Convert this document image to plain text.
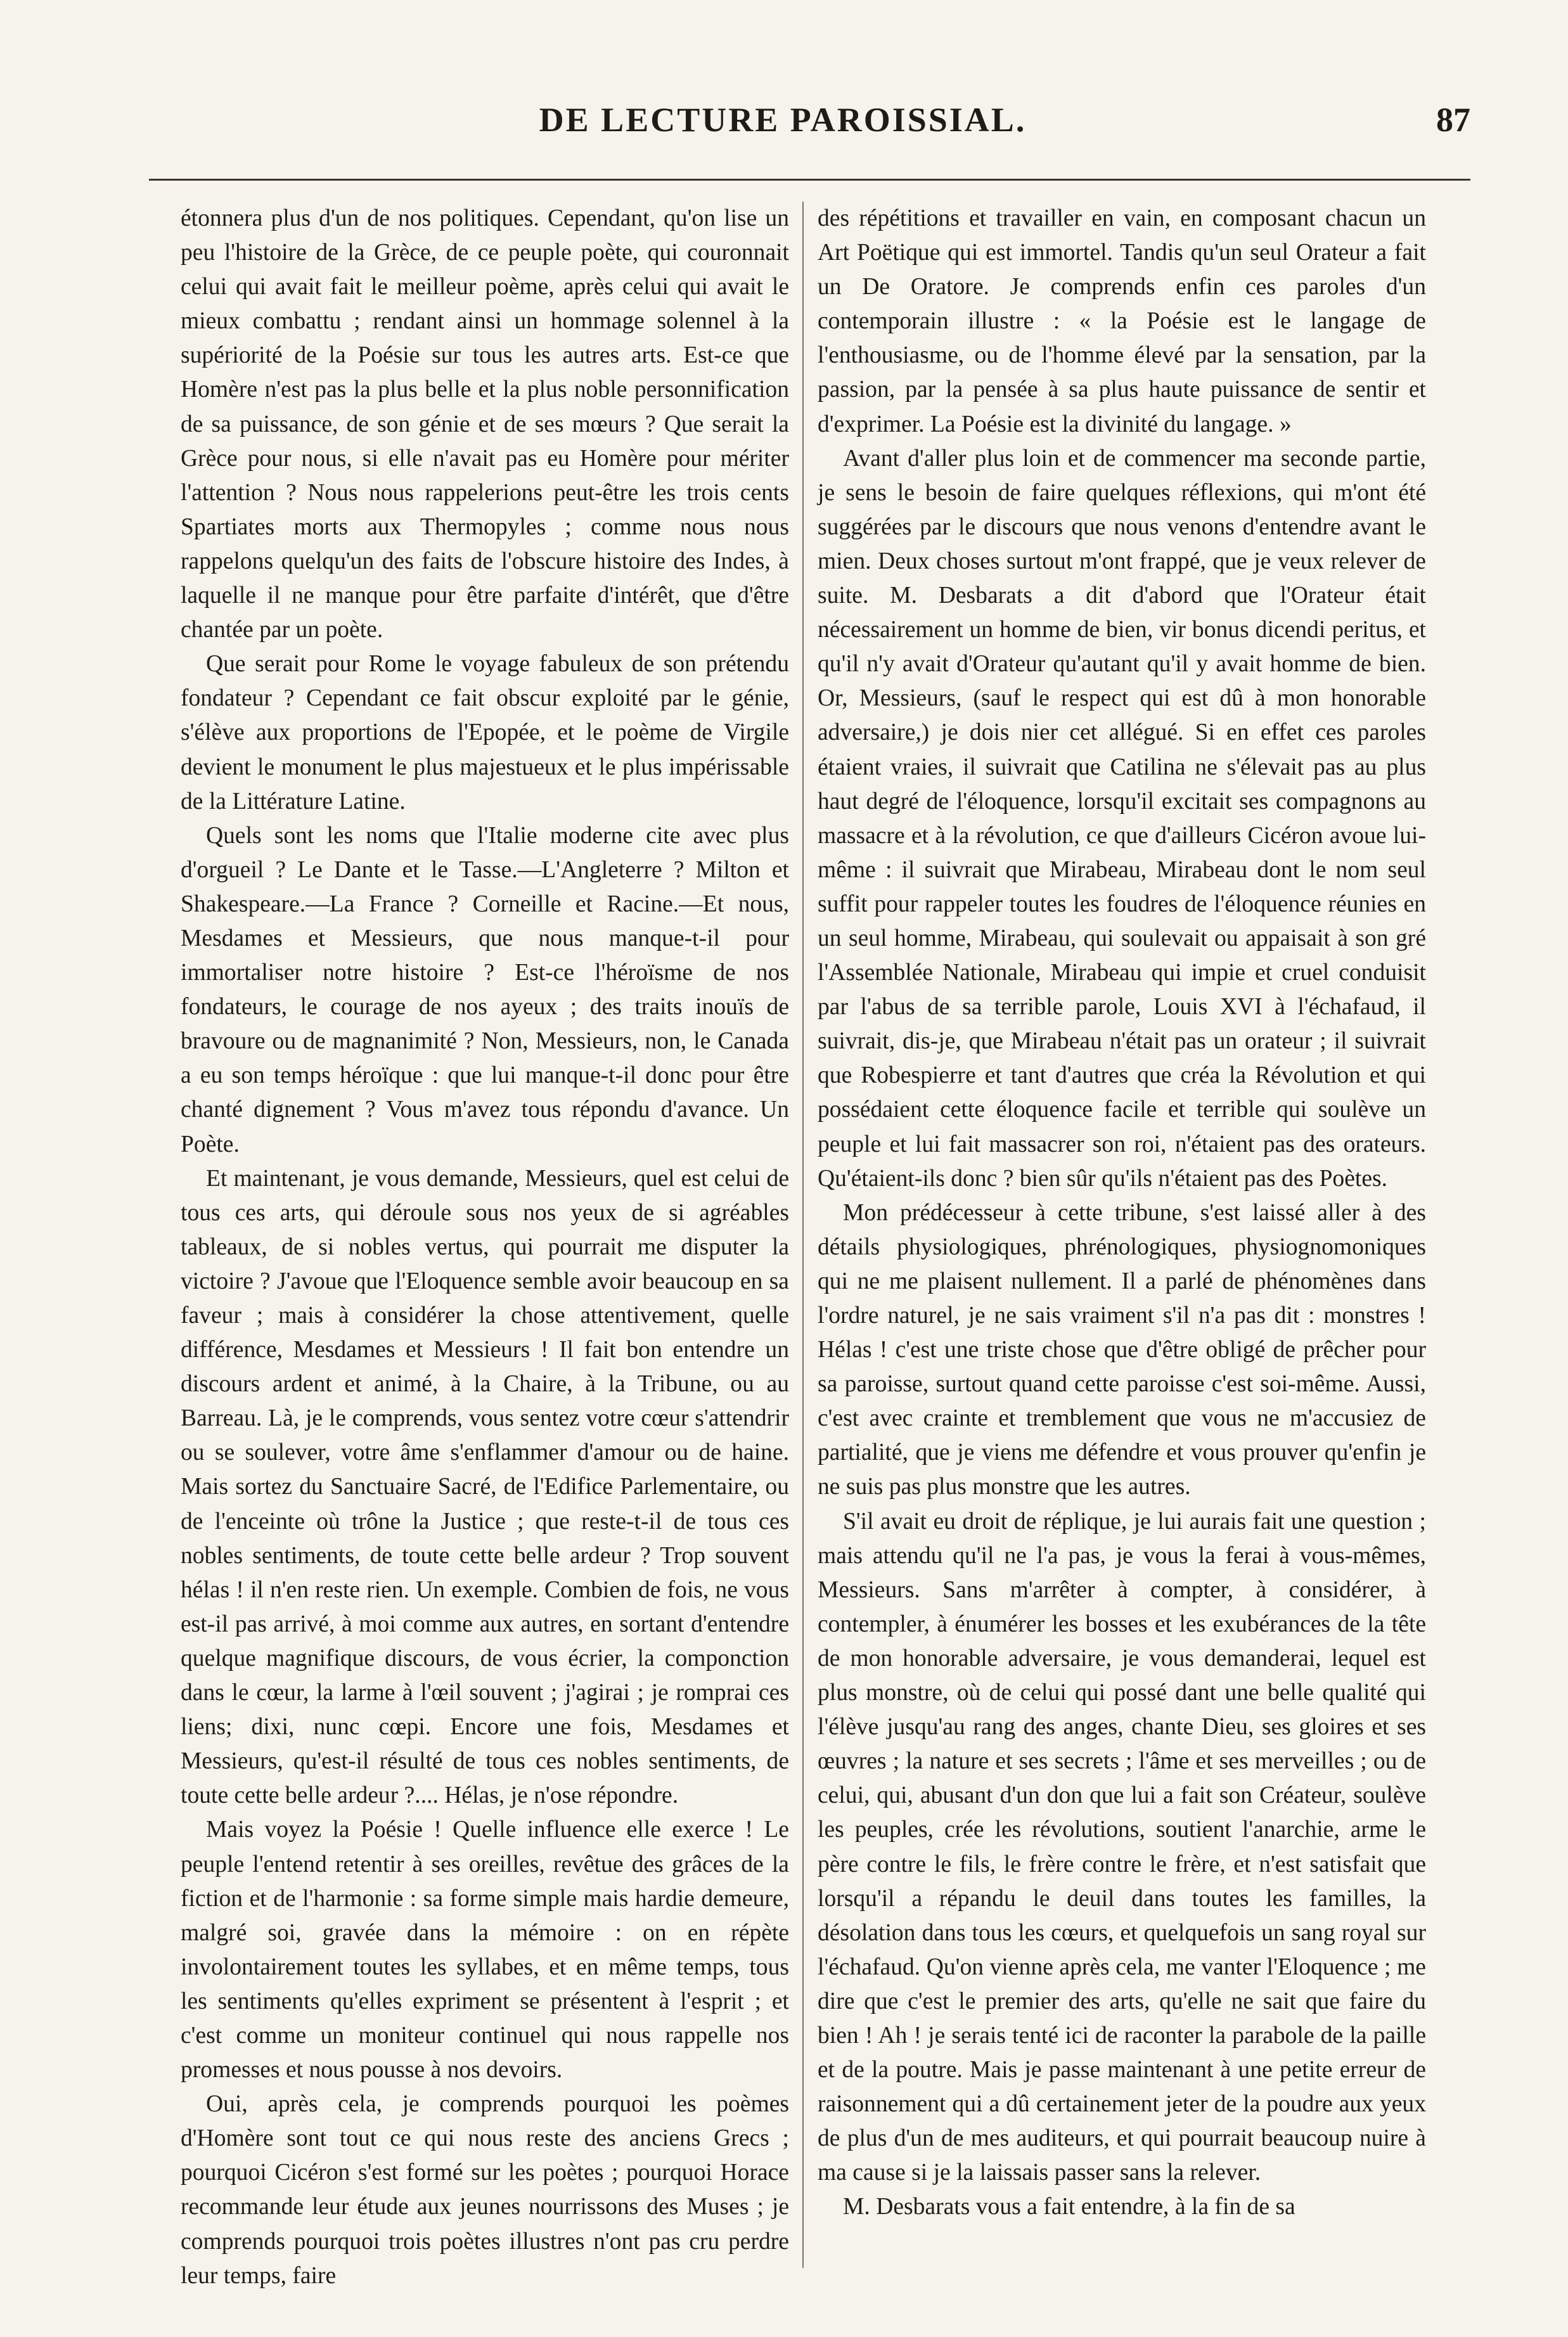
DE LECTURE PAROISSIAL.	87

étonnera plus d'un de nos politiques. Cependant, qu'on lise un peu l'histoire de la Grèce, de ce peuple poète, qui couronnait celui qui avait fait le meilleur poème, après celui qui avait le mieux combattu ; rendant ainsi un hommage solennel à la supériorité de la Poésie sur tous les autres arts. Est-ce que Homère n'est pas la plus belle et la plus noble personnification de sa puissance, de son génie et de ses mœurs ? Que serait la Grèce pour nous, si elle n'avait pas eu Homère pour mériter l'attention ? Nous nous rappelerions peut-être les trois cents Spartiates morts aux Thermopyles ; comme nous nous rappelons quelqu'un des faits de l'obscure histoire des Indes, à laquelle il ne manque pour être parfaite d'intérêt, que d'être chantée par un poète.

Que serait pour Rome le voyage fabuleux de son prétendu fondateur ? Cependant ce fait obscur exploité par le génie, s'élève aux proportions de l'Epopée, et le poème de Virgile devient le monument le plus majestueux et le plus impérissable de la Littérature Latine.

Quels sont les noms que l'Italie moderne cite avec plus d'orgueil ? Le Dante et le Tasse.—L'Angleterre ? Milton et Shakespeare.—La France ? Corneille et Racine.—Et nous, Mesdames et Messieurs, que nous manque-t-il pour immortaliser notre histoire ? Est-ce l'héroïsme de nos fondateurs, le courage de nos ayeux ; des traits inouïs de bravoure ou de magnanimité ? Non, Messieurs, non, le Canada a eu son temps héroïque : que lui manque-t-il donc pour être chanté dignement ? Vous m'avez tous répondu d'avance. Un Poète.

Et maintenant, je vous demande, Messieurs, quel est celui de tous ces arts, qui déroule sous nos yeux de si agréables tableaux, de si nobles vertus, qui pourrait me disputer la victoire ? J'avoue que l'Eloquence semble avoir beaucoup en sa faveur ; mais à considérer la chose attentivement, quelle différence, Mesdames et Messieurs ! Il fait bon entendre un discours ardent et animé, à la Chaire, à la Tribune, ou au Barreau. Là, je le comprends, vous sentez votre cœur s'attendrir ou se soulever, votre âme s'enflammer d'amour ou de haine. Mais sortez du Sanctuaire Sacré, de l'Edifice Parlementaire, ou de l'enceinte où trône la Justice ; que reste-t-il de tous ces nobles sentiments, de toute cette belle ardeur ? Trop souvent hélas ! il n'en reste rien. Un exemple. Combien de fois, ne vous est-il pas arrivé, à moi comme aux autres, en sortant d'entendre quelque magnifique discours, de vous écrier, la componction dans le cœur, la larme à l'œil souvent ; j'agirai ; je romprai ces liens; dixi, nunc cœpi. Encore une fois, Mesdames et Messieurs, qu'est-il résulté de tous ces nobles sentiments, de toute cette belle ardeur ?.... Hélas, je n'ose répondre.

Mais voyez la Poésie ! Quelle influence elle exerce ! Le peuple l'entend retentir à ses oreilles, revêtue des grâces de la fiction et de l'harmonie : sa forme simple mais hardie demeure, malgré soi, gravée dans la mémoire : on en répète involontairement toutes les syllabes, et en même temps, tous les sentiments qu'elles expriment se présentent à l'esprit ; et c'est comme un moniteur continuel qui nous rappelle nos promesses et nous pousse à nos devoirs.

Oui, après cela, je comprends pourquoi les poèmes d'Homère sont tout ce qui nous reste des anciens Grecs ; pourquoi Cicéron s'est formé sur les poètes ; pourquoi Horace recommande leur étude aux jeunes nourrissons des Muses ; je comprends pourquoi trois poètes illustres n'ont pas cru perdre leur temps, faire

des répétitions et travailler en vain, en composant chacun un Art Poëtique qui est immortel. Tandis qu'un seul Orateur a fait un De Oratore. Je comprends enfin ces paroles d'un contemporain illustre : « la Poésie est le langage de l'enthousiasme, ou de l'homme élevé par la sensation, par la passion, par la pensée à sa plus haute puissance de sentir et d'exprimer. La Poésie est la divinité du langage. »

Avant d'aller plus loin et de commencer ma seconde partie, je sens le besoin de faire quelques réflexions, qui m'ont été suggérées par le discours que nous venons d'entendre avant le mien. Deux choses surtout m'ont frappé, que je veux relever de suite. M. Desbarats a dit d'abord que l'Orateur était nécessairement un homme de bien, vir bonus dicendi peritus, et qu'il n'y avait d'Orateur qu'autant qu'il y avait homme de bien. Or, Messieurs, (sauf le respect qui est dû à mon honorable adversaire,) je dois nier cet allégué. Si en effet ces paroles étaient vraies, il suivrait que Catilina ne s'élevait pas au plus haut degré de l'éloquence, lorsqu'il excitait ses compagnons au massacre et à la révolution, ce que d'ailleurs Cicéron avoue lui-même : il suivrait que Mirabeau, Mirabeau dont le nom seul suffit pour rappeler toutes les foudres de l'éloquence réunies en un seul homme, Mirabeau, qui soulevait ou appaisait à son gré l'Assemblée Nationale, Mirabeau qui impie et cruel conduisit par l'abus de sa terrible parole, Louis XVI à l'échafaud, il suivrait, dis-je, que Mirabeau n'était pas un orateur ; il suivrait que Robespierre et tant d'autres que créa la Révolution et qui possédaient cette éloquence facile et terrible qui soulève un peuple et lui fait massacrer son roi, n'étaient pas des orateurs. Qu'étaient-ils donc ? bien sûr qu'ils n'étaient pas des Poètes.

Mon prédécesseur à cette tribune, s'est laissé aller à des détails physiologiques, phrénologiques, physiognomoniques qui ne me plaisent nullement. Il a parlé de phénomènes dans l'ordre naturel, je ne sais vraiment s'il n'a pas dit : monstres ! Hélas ! c'est une triste chose que d'être obligé de prêcher pour sa paroisse, surtout quand cette paroisse c'est soi-même. Aussi, c'est avec crainte et tremblement que vous ne m'accusiez de partialité, que je viens me défendre et vous prouver qu'enfin je ne suis pas plus monstre que les autres.

S'il avait eu droit de réplique, je lui aurais fait une question ; mais attendu qu'il ne l'a pas, je vous la ferai à vous-mêmes, Messieurs. Sans m'arrêter à compter, à considérer, à contempler, à énumérer les bosses et les exubérances de la tête de mon honorable adversaire, je vous demanderai, lequel est plus monstre, où de celui qui possé dant une belle qualité qui l'élève jusqu'au rang des anges, chante Dieu, ses gloires et ses œuvres ; la nature et ses secrets ; l'âme et ses merveilles ; ou de celui, qui, abusant d'un don que lui a fait son Créateur, soulève les peuples, crée les révolutions, soutient l'anarchie, arme le père contre le fils, le frère contre le frère, et n'est satisfait que lorsqu'il a répandu le deuil dans toutes les familles, la désolation dans tous les cœurs, et quelquefois un sang royal sur l'échafaud. Qu'on vienne après cela, me vanter l'Eloquence ; me dire que c'est le premier des arts, qu'elle ne sait que faire du bien ! Ah ! je serais tenté ici de raconter la parabole de la paille et de la poutre. Mais je passe maintenant à une petite erreur de raisonnement qui a dû certainement jeter de la poudre aux yeux de plus d'un de mes auditeurs, et qui pourrait beaucoup nuire à ma cause si je la laissais passer sans la relever.

M. Desbarats vous a fait entendre, à la fin de sa
